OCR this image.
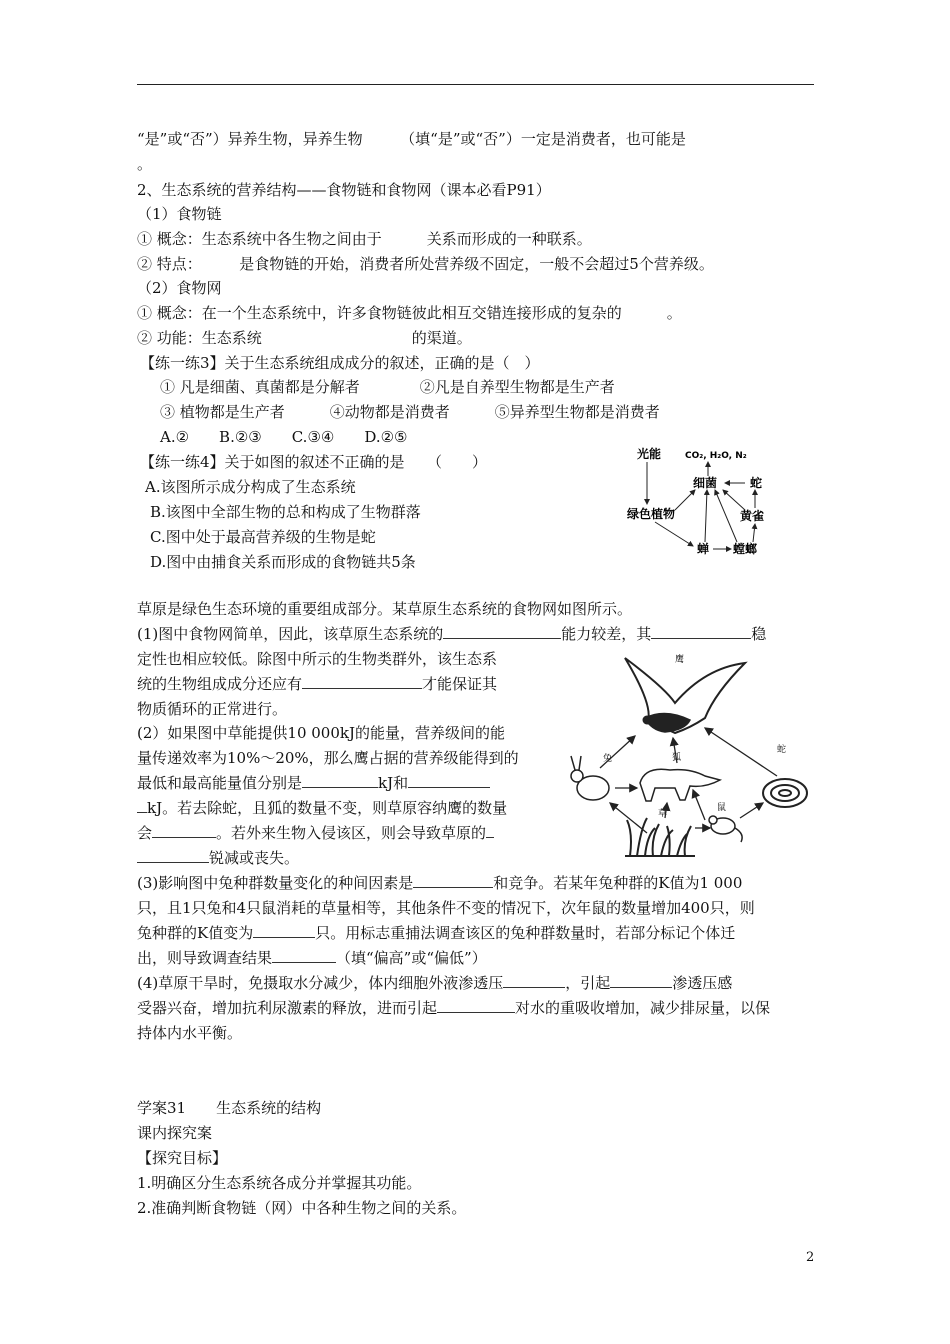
“是”或“否”）异养生物，异养生物　　　（填“是”或“否”）一定是消费者，也可能是
。
2、生态系统的营养结构——食物链和食物网（课本必看P91）
（1）食物链
① 概念：生态系统中各生物之间由于　　　关系而形成的一种联系。
② 特点：　　　是食物链的开始，消费者所处营养级不固定，一般不会超过5个营养级。
（2）食物网
① 概念：在一个生态系统中，许多食物链彼此相互交错连接形成的复杂的　　　。
② 功能：生态系统　　　　　　　　　　的渠道。
【练一练3】关于生态系统组成成分的叙述，正确的是（　）
① 凡是细菌、真菌都是分解者　　　　②凡是自养型生物都是生产者
③ 植物都是生产者　　　④动物都是消费者　　　⑤异养型生物都是消费者
A.②　　B.②③　　C.③④　　D.②⑤
【练一练4】关于如图的叙述不正确的是　　（　　）
A.该图所示成分构成了生态系统
B.该图中全部生物的总和构成了生物群落
C.图中处于最高营养级的生物是蛇
D.图中由捕食关系而形成的食物链共5条
光能	CO₂, H₂O, N₂
细菌	蛇
绿色植物	黄雀
蝉 螳螂
草原是绿色生态环境的重要组成部分。某草原生态系统的食物网如图所示。
(1)图中食物网简单，因此，该草原生态系统的	能力较差，其	稳
定性也相应较低。除图中所示的生物类群外，该生态系
统的生物组成成分还应有	才能保证其
物质循环的正常进行。
(2）如果图中草能提供10 000kJ的能量，营养级间的能
量传递效率为10%～20%，那么鹰占据的营养级能得到的
最低和最高能量值分别是	kJ和
kJ。若去除蛇，且狐的数量不变，则草原容纳鹰的数量
会	。若外来生物入侵该区，则会导致草原的
锐减或丧失。
鹰
兔	狐
蛇
草
鼠
(3)影响图中兔种群数量变化的种间因素是	和竞争。若某年兔种群的K值为1 000
只，且1只兔和4只鼠消耗的草量相等，其他条件不变的情况下，次年鼠的数量增加400只，则
兔种群的K值变为	只。用标志重捕法调查该区的兔种群数量时，若部分标记个体迁
出，则导致调查结果	（填“偏高”或“偏低”）
(4)草原干旱时，免摄取水分减少，体内细胞外液渗透压	，引起	渗透压感
受器兴奋，增加抗利尿激素的释放，进而引起	对水的重吸收增加，减少排尿量，以保
持体内水平衡。
学案31　　生态系统的结构
课内探究案
【探究目标】
1.明确区分生态系统各成分并掌握其功能。
2.准确判断食物链（网）中各种生物之间的关系。
2
